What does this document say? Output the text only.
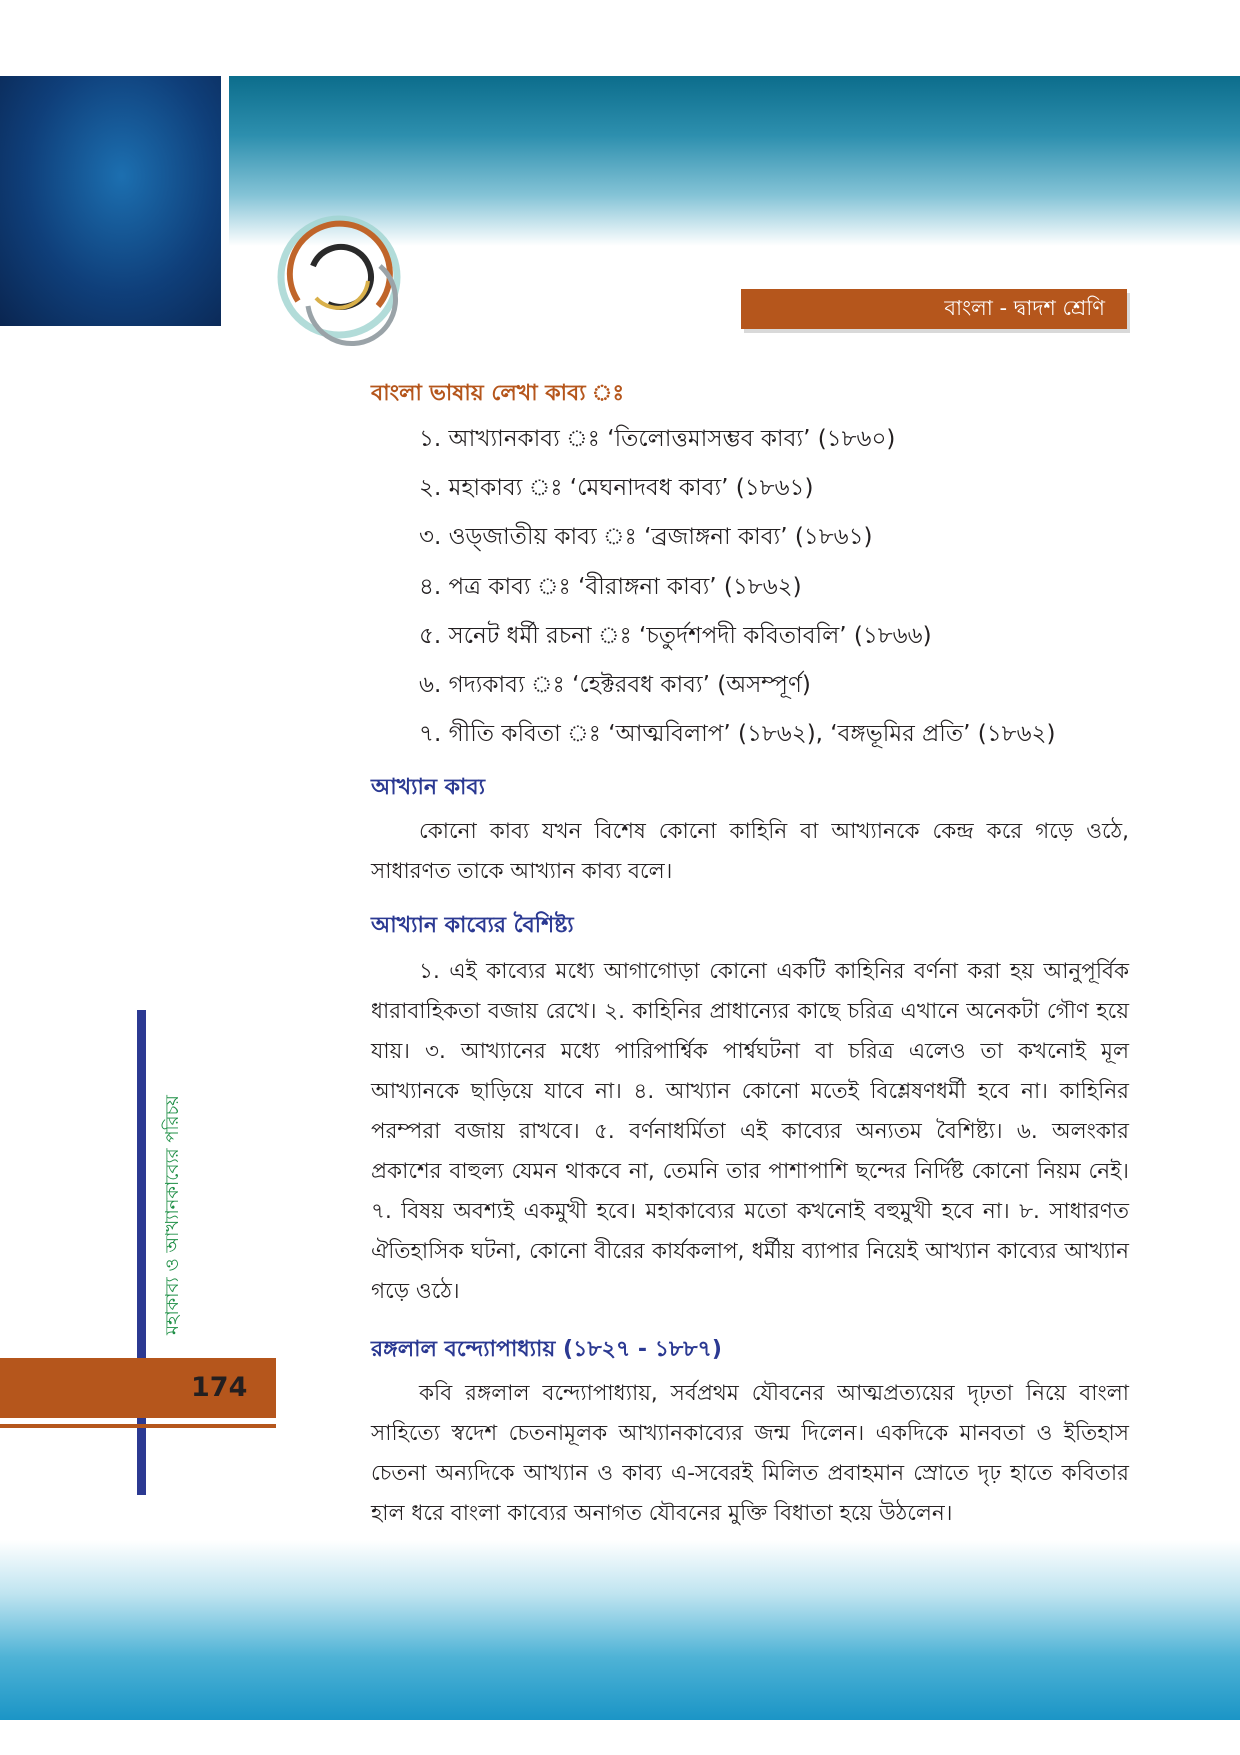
বাংলা - দ্বাদশ শ্রেণি
বাংলা ভাষায় লেখা কাব্য ঃ
১. আখ্যানকাব্য ঃ ‘তিলোত্তমাসম্ভব কাব্য’ (১৮৬০)
২. মহাকাব্য ঃ ‘মেঘনাদবধ কাব্য’ (১৮৬১)
৩. ওড্‌জাতীয় কাব্য ঃ ‘ব্রজাঙ্গনা কাব্য’ (১৮৬১)
৪. পত্র কাব্য ঃ ‘বীরাঙ্গনা কাব্য’ (১৮৬২)
৫. সনেট ধর্মী রচনা ঃ ‘চতুর্দশপদী কবিতাবলি’ (১৮৬৬)
৬. গদ্যকাব্য ঃ ‘হেক্টরবধ কাব্য’ (অসম্পূর্ণ)
৭. গীতি কবিতা ঃ ‘আত্মবিলাপ’ (১৮৬২), ‘বঙ্গভূমির প্রতি’ (১৮৬২)
আখ্যান কাব্য

কোনো কাব্য যখন বিশেষ কোনো কাহিনি বা আখ্যানকে কেন্দ্র করে গড়ে ওঠে, সাধারণত তাকে আখ্যান কাব্য বলে।

আখ্যান কাব্যের বৈশিষ্ট্য

১. এই কাব্যের মধ্যে আগাগোড়া কোনো একটি কাহিনির বর্ণনা করা হয় আনুপূর্বিক ধারাবাহিকতা বজায় রেখে। ২. কাহিনির প্রাধান্যের কাছে চরিত্র এখানে অনেকটা গৌণ হয়ে যায়। ৩. আখ্যানের মধ্যে পারিপার্শ্বিক পার্শ্বঘটনা বা চরিত্র এলেও তা কখনোই মূল আখ্যানকে ছাড়িয়ে যাবে না। ৪. আখ্যান কোনো মতেই বিশ্লেষণধর্মী হবে না। কাহিনির পরম্পরা বজায় রাখবে। ৫. বর্ণনাধর্মিতা এই কাব্যের অন্যতম বৈশিষ্ট্য। ৬. অলংকার প্রকাশের বাহুল্য যেমন থাকবে না, তেমনি তার পাশাপাশি ছন্দের নির্দিষ্ট কোনো নিয়ম নেই। ৭. বিষয় অবশ্যই একমুখী হবে। মহাকাব্যের মতো কখনোই বহুমুখী হবে না। ৮. সাধারণত ঐতিহাসিক ঘটনা, কোনো বীরের কার্যকলাপ, ধর্মীয় ব্যাপার নিয়েই আখ্যান কাব্যের আখ্যান গড়ে ওঠে।

রঙ্গলাল বন্দ্যোপাধ্যায় (১৮২৭ - ১৮৮৭)

কবি রঙ্গলাল বন্দ্যোপাধ্যায়, সর্বপ্রথম যৌবনের আত্মপ্রত্যয়ের দৃঢ়তা নিয়ে বাংলা সাহিত্যে স্বদেশ চেতনামূলক আখ্যানকাব্যের জন্ম দিলেন। একদিকে মানবতা ও ইতিহাস চেতনা অন্যদিকে আখ্যান ও কাব্য এ-সবেরই মিলিত প্রবাহমান স্রোতে দৃঢ় হাতে কবিতার হাল ধরে বাংলা কাব্যের অনাগত যৌবনের মুক্তি বিধাতা হয়ে উঠলেন।

মহাকাব্য ও আখ্যানকাব্যের পরিচয়
174
